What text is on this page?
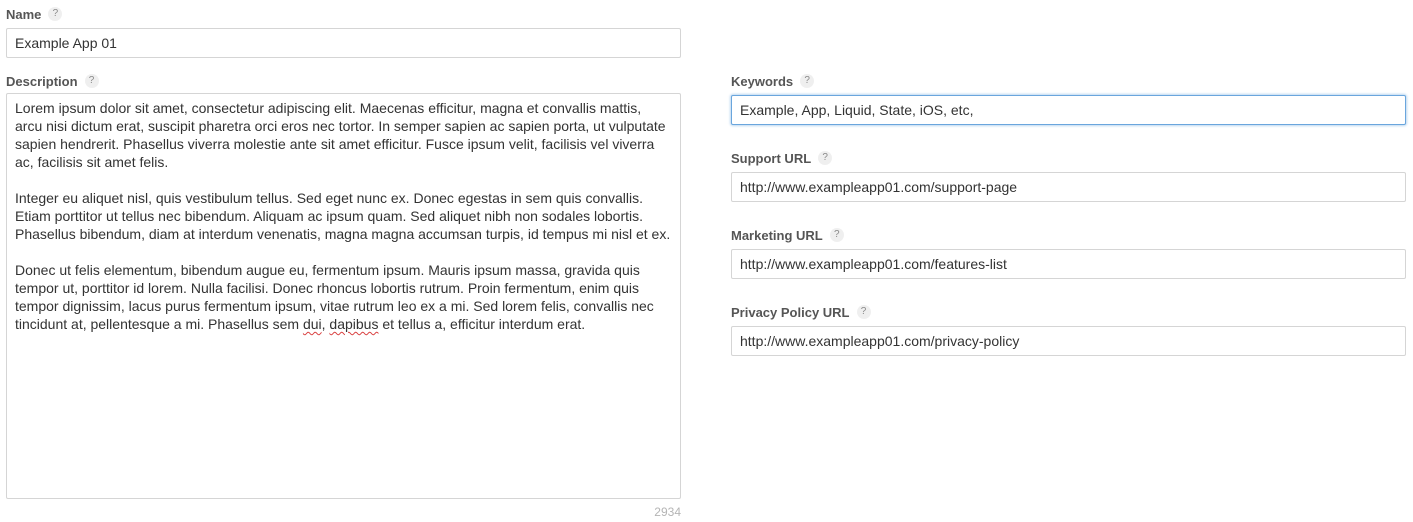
Name	?
Example App 01
Description	?

Lorem ipsum dolor sit amet, consectetur adipiscing elit. Maecenas efficitur, magna et convallis mattis, arcu nisi dictum erat, suscipit pharetra orci eros nec tortor. In semper sapien ac sapien porta, ut vulputate sapien hendrerit. Phasellus viverra molestie ante sit amet efficitur. Fusce ipsum velit, facilisis vel viverra ac, facilisis sit amet felis.

Integer eu aliquet nisl, quis vestibulum tellus. Sed eget nunc ex. Donec egestas in sem quis convallis. Etiam porttitor ut tellus nec bibendum. Aliquam ac ipsum quam. Sed aliquet nibh non sodales lobortis. Phasellus bibendum, diam at interdum venenatis, magna magna accumsan turpis, id tempus mi nisl et ex.

Donec ut felis elementum, bibendum augue eu, fermentum ipsum. Mauris ipsum massa, gravida quis tempor ut, porttitor id lorem. Nulla facilisi. Donec rhoncus lobortis rutrum. Proin fermentum, enim quis tempor dignissim, lacus purus fermentum ipsum, vitae rutrum leo ex a mi. Sed lorem felis, convallis nec tincidunt at, pellentesque a mi. Phasellus sem dui, dapibus et tellus a, efficitur interdum erat.

2934
Keywords	?
Example, App, Liquid, State, iOS, etc,
Support URL	?
http://www.exampleapp01.com/support-page
Marketing URL	?
http://www.exampleapp01.com/features-list
Privacy Policy URL	?
http://www.exampleapp01.com/privacy-policy
